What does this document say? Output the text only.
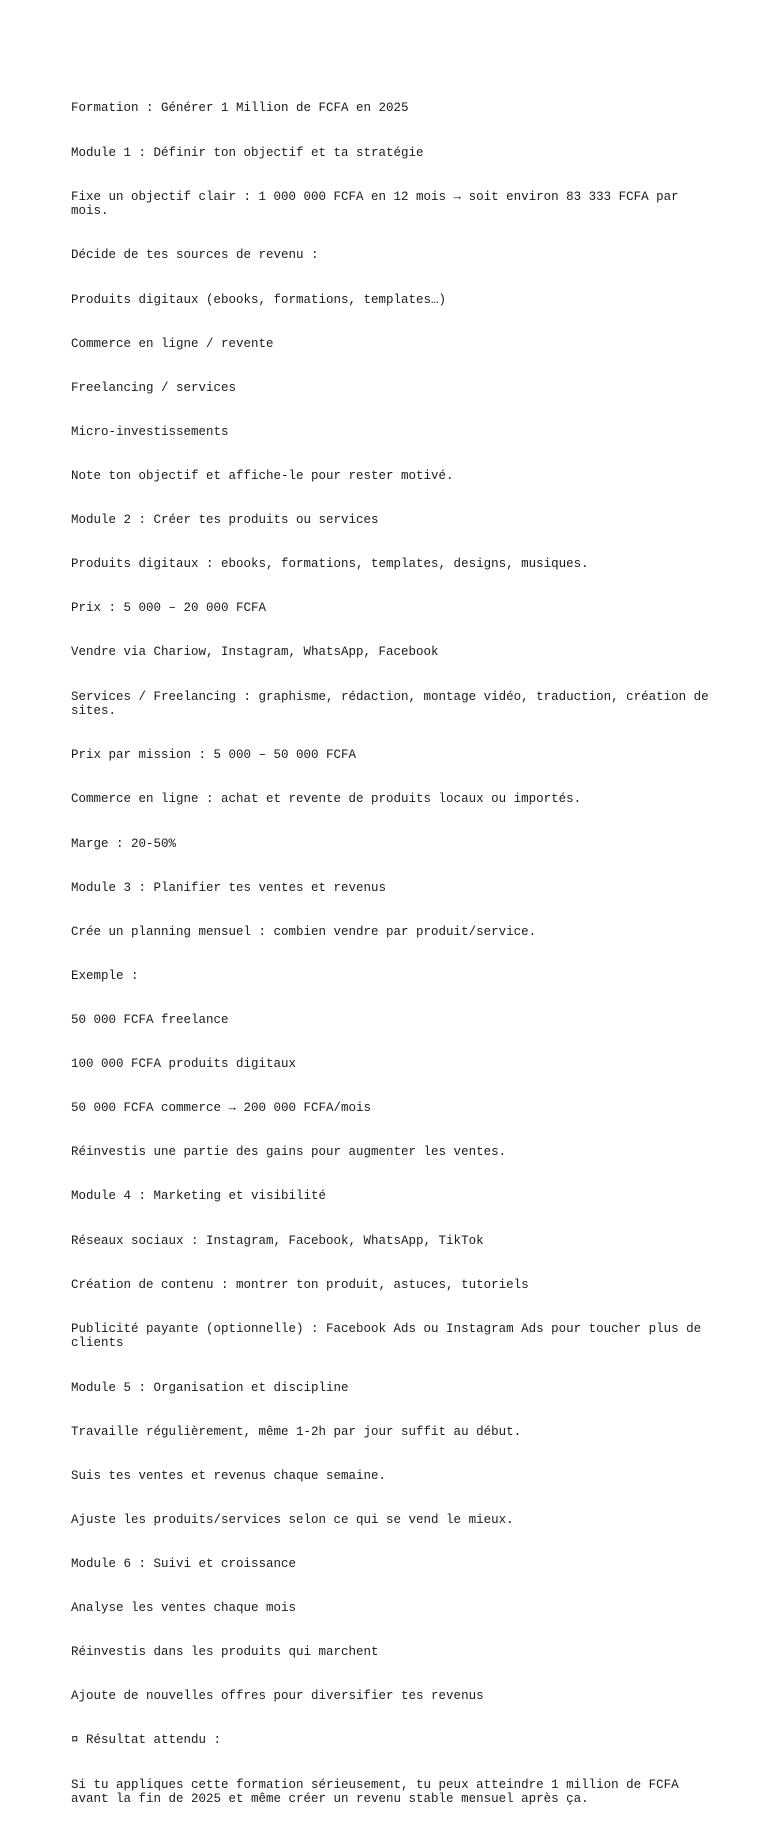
Formation : Générer 1 Million de FCFA en 2025

Module 1 : Définir ton objectif et ta stratégie

Fixe un objectif clair : 1 000 000 FCFA en 12 mois → soit environ 83 333 FCFA par mois.

Décide de tes sources de revenu :

Produits digitaux (ebooks, formations, templates…)

Commerce en ligne / revente

Freelancing / services

Micro-investissements

Note ton objectif et affiche-le pour rester motivé.

Module 2 : Créer tes produits ou services

Produits digitaux : ebooks, formations, templates, designs, musiques.

Prix : 5 000 – 20 000 FCFA

Vendre via Chariow, Instagram, WhatsApp, Facebook

Services / Freelancing : graphisme, rédaction, montage vidéo, traduction, création de sites.

Prix par mission : 5 000 – 50 000 FCFA

Commerce en ligne : achat et revente de produits locaux ou importés.

Marge : 20-50%

Module 3 : Planifier tes ventes et revenus

Crée un planning mensuel : combien vendre par produit/service.

Exemple :

50 000 FCFA freelance

100 000 FCFA produits digitaux

50 000 FCFA commerce → 200 000 FCFA/mois

Réinvestis une partie des gains pour augmenter les ventes.

Module 4 : Marketing et visibilité

Réseaux sociaux : Instagram, Facebook, WhatsApp, TikTok

Création de contenu : montrer ton produit, astuces, tutoriels

Publicité payante (optionnelle) : Facebook Ads ou Instagram Ads pour toucher plus de clients

Module 5 : Organisation et discipline

Travaille régulièrement, même 1-2h par jour suffit au début.

Suis tes ventes et revenus chaque semaine.

Ajuste les produits/services selon ce qui se vend le mieux.

Module 6 : Suivi et croissance

Analyse les ventes chaque mois

Réinvestis dans les produits qui marchent

Ajoute de nouvelles offres pour diversifier tes revenus

¤ Résultat attendu :

Si tu appliques cette formation sérieusement, tu peux atteindre 1 million de FCFA avant la fin de 2025 et même créer un revenu stable mensuel après ça.
